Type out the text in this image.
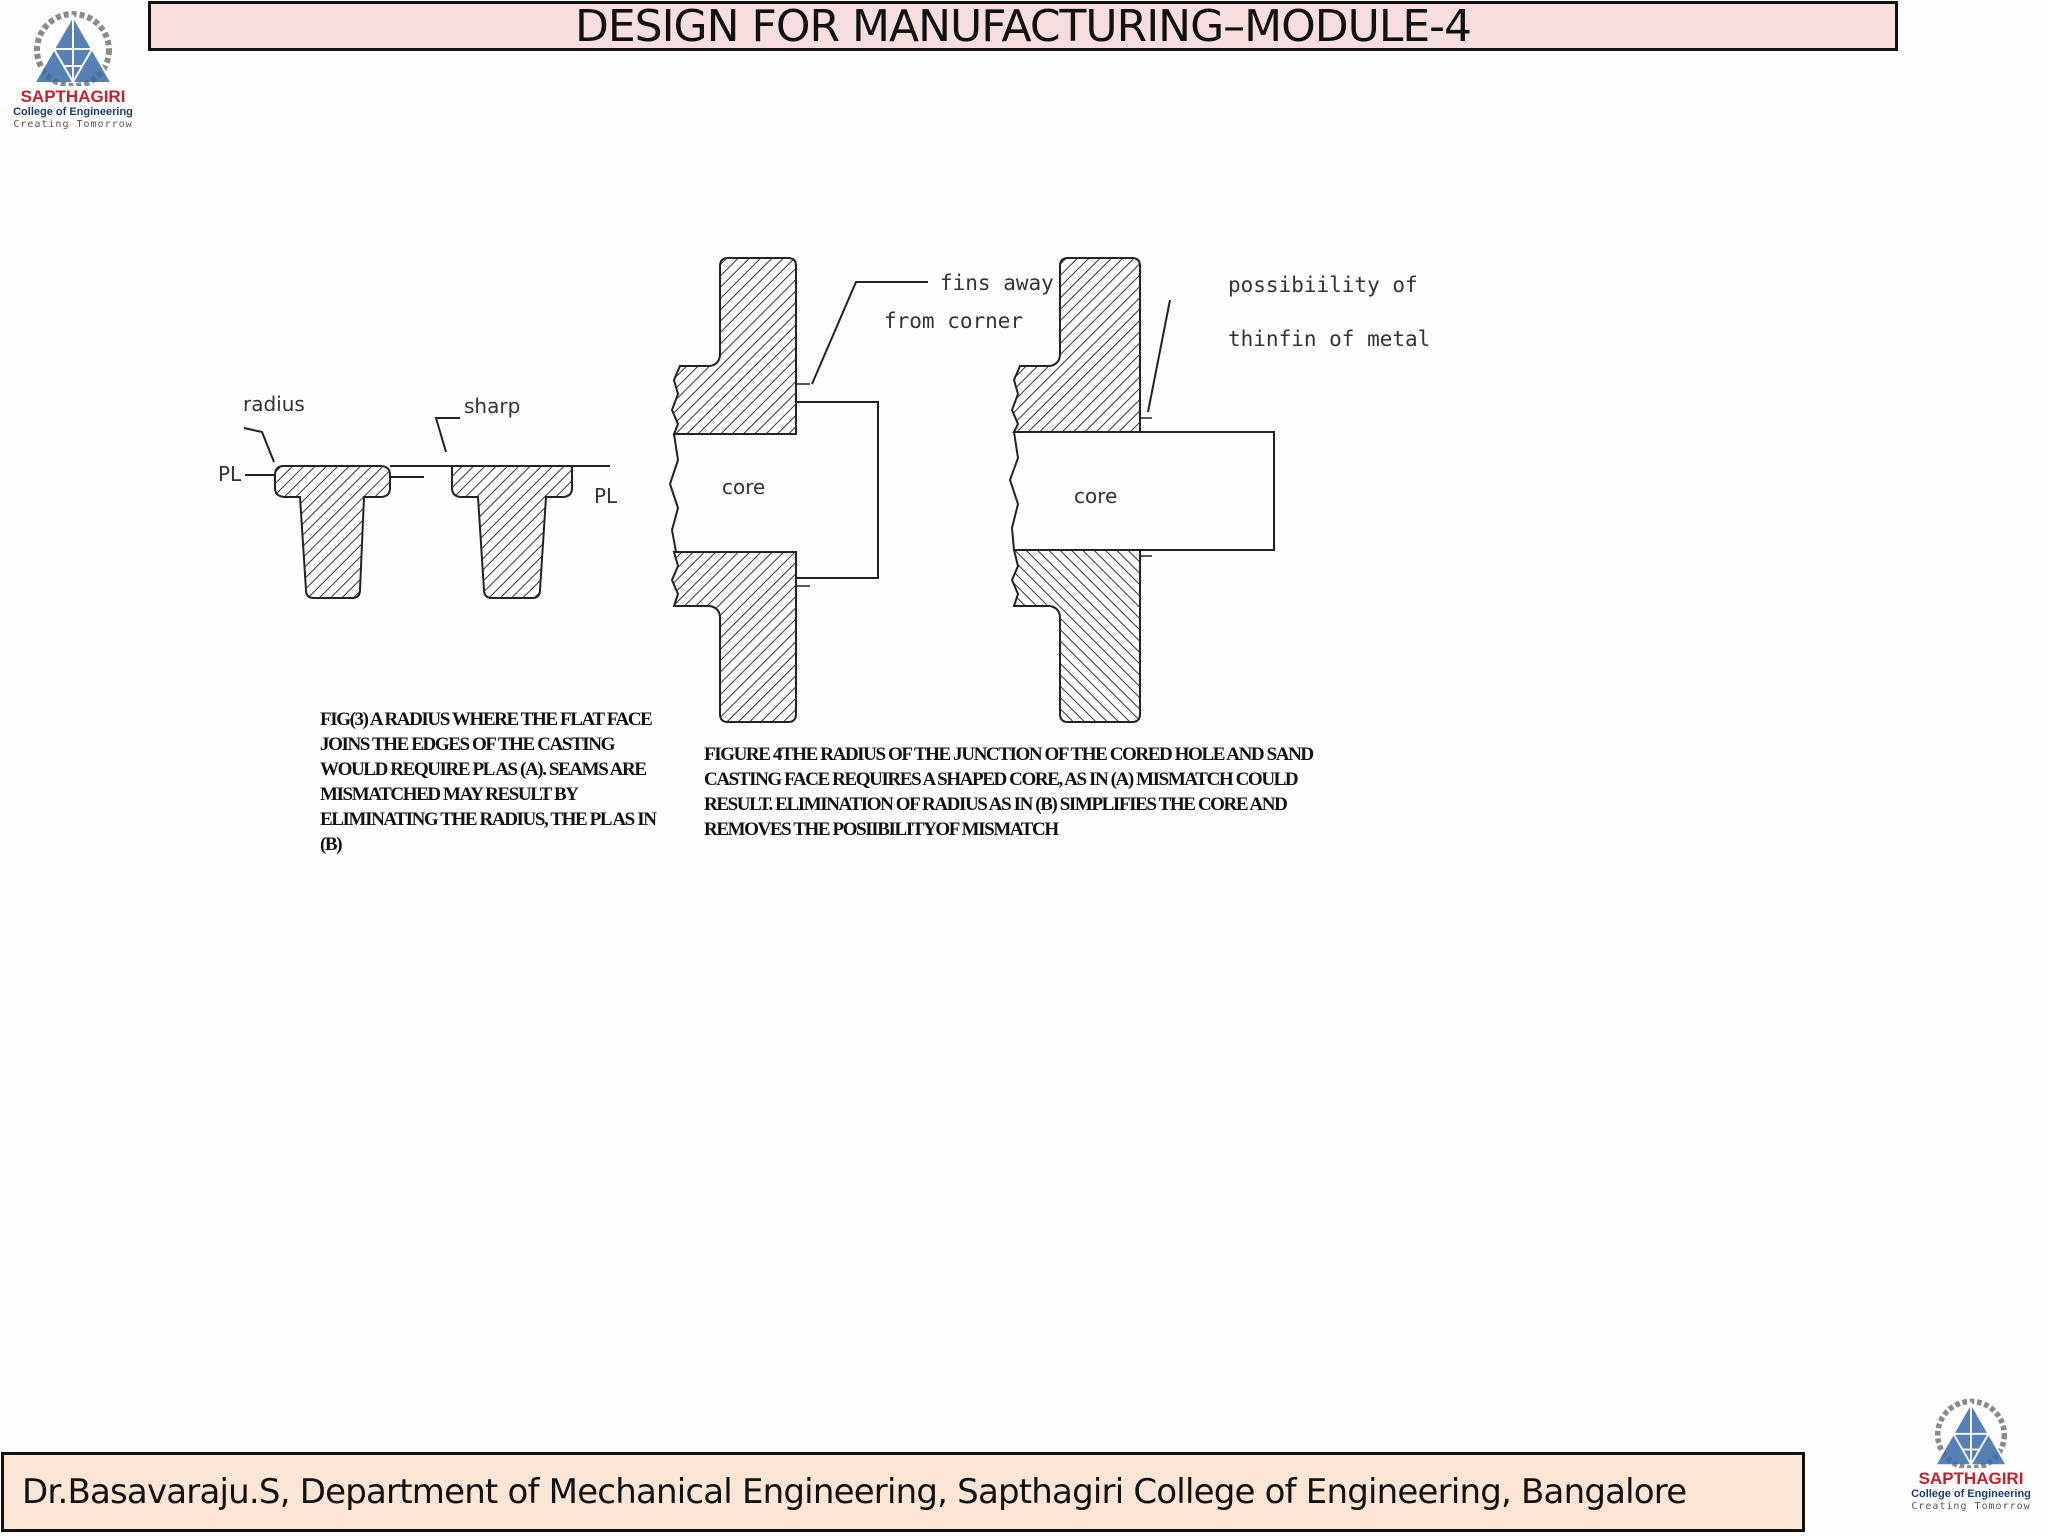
DESIGN FOR MANUFACTURING–MODULE-4
SAPTHAGIRI
College of Engineering
Creating Tomorrow
radius	sharp
PL
PL
fins away
from corner
possibiility of
thinfin of metal
core	core
FIG(3) A RADIUS WHERE THE FLAT FACE JOINS THE EDGES OF THE CASTING WOULD REQUIRE PL AS (A). SEAMS ARE MISMATCHED MAY RESULT BY ELIMINATING THE RADIUS, THE PL AS IN (B)
FIGURE 4THE RADIUS OF THE JUNCTION OF THE CORED HOLE AND SAND CASTING FACE REQUIRES A SHAPED CORE, AS IN (A) MISMATCH COULD RESULT. ELIMINATION OF RADIUS AS IN (B) SIMPLIFIES THE CORE AND REMOVES THE POSIIBILITYOF MISMATCH
Dr.Basavaraju.S, Department of Mechanical Engineering, Sapthagiri College of Engineering, Bangalore	SAPTHAGIRI
College of Engineering
Creating Tomorrow
